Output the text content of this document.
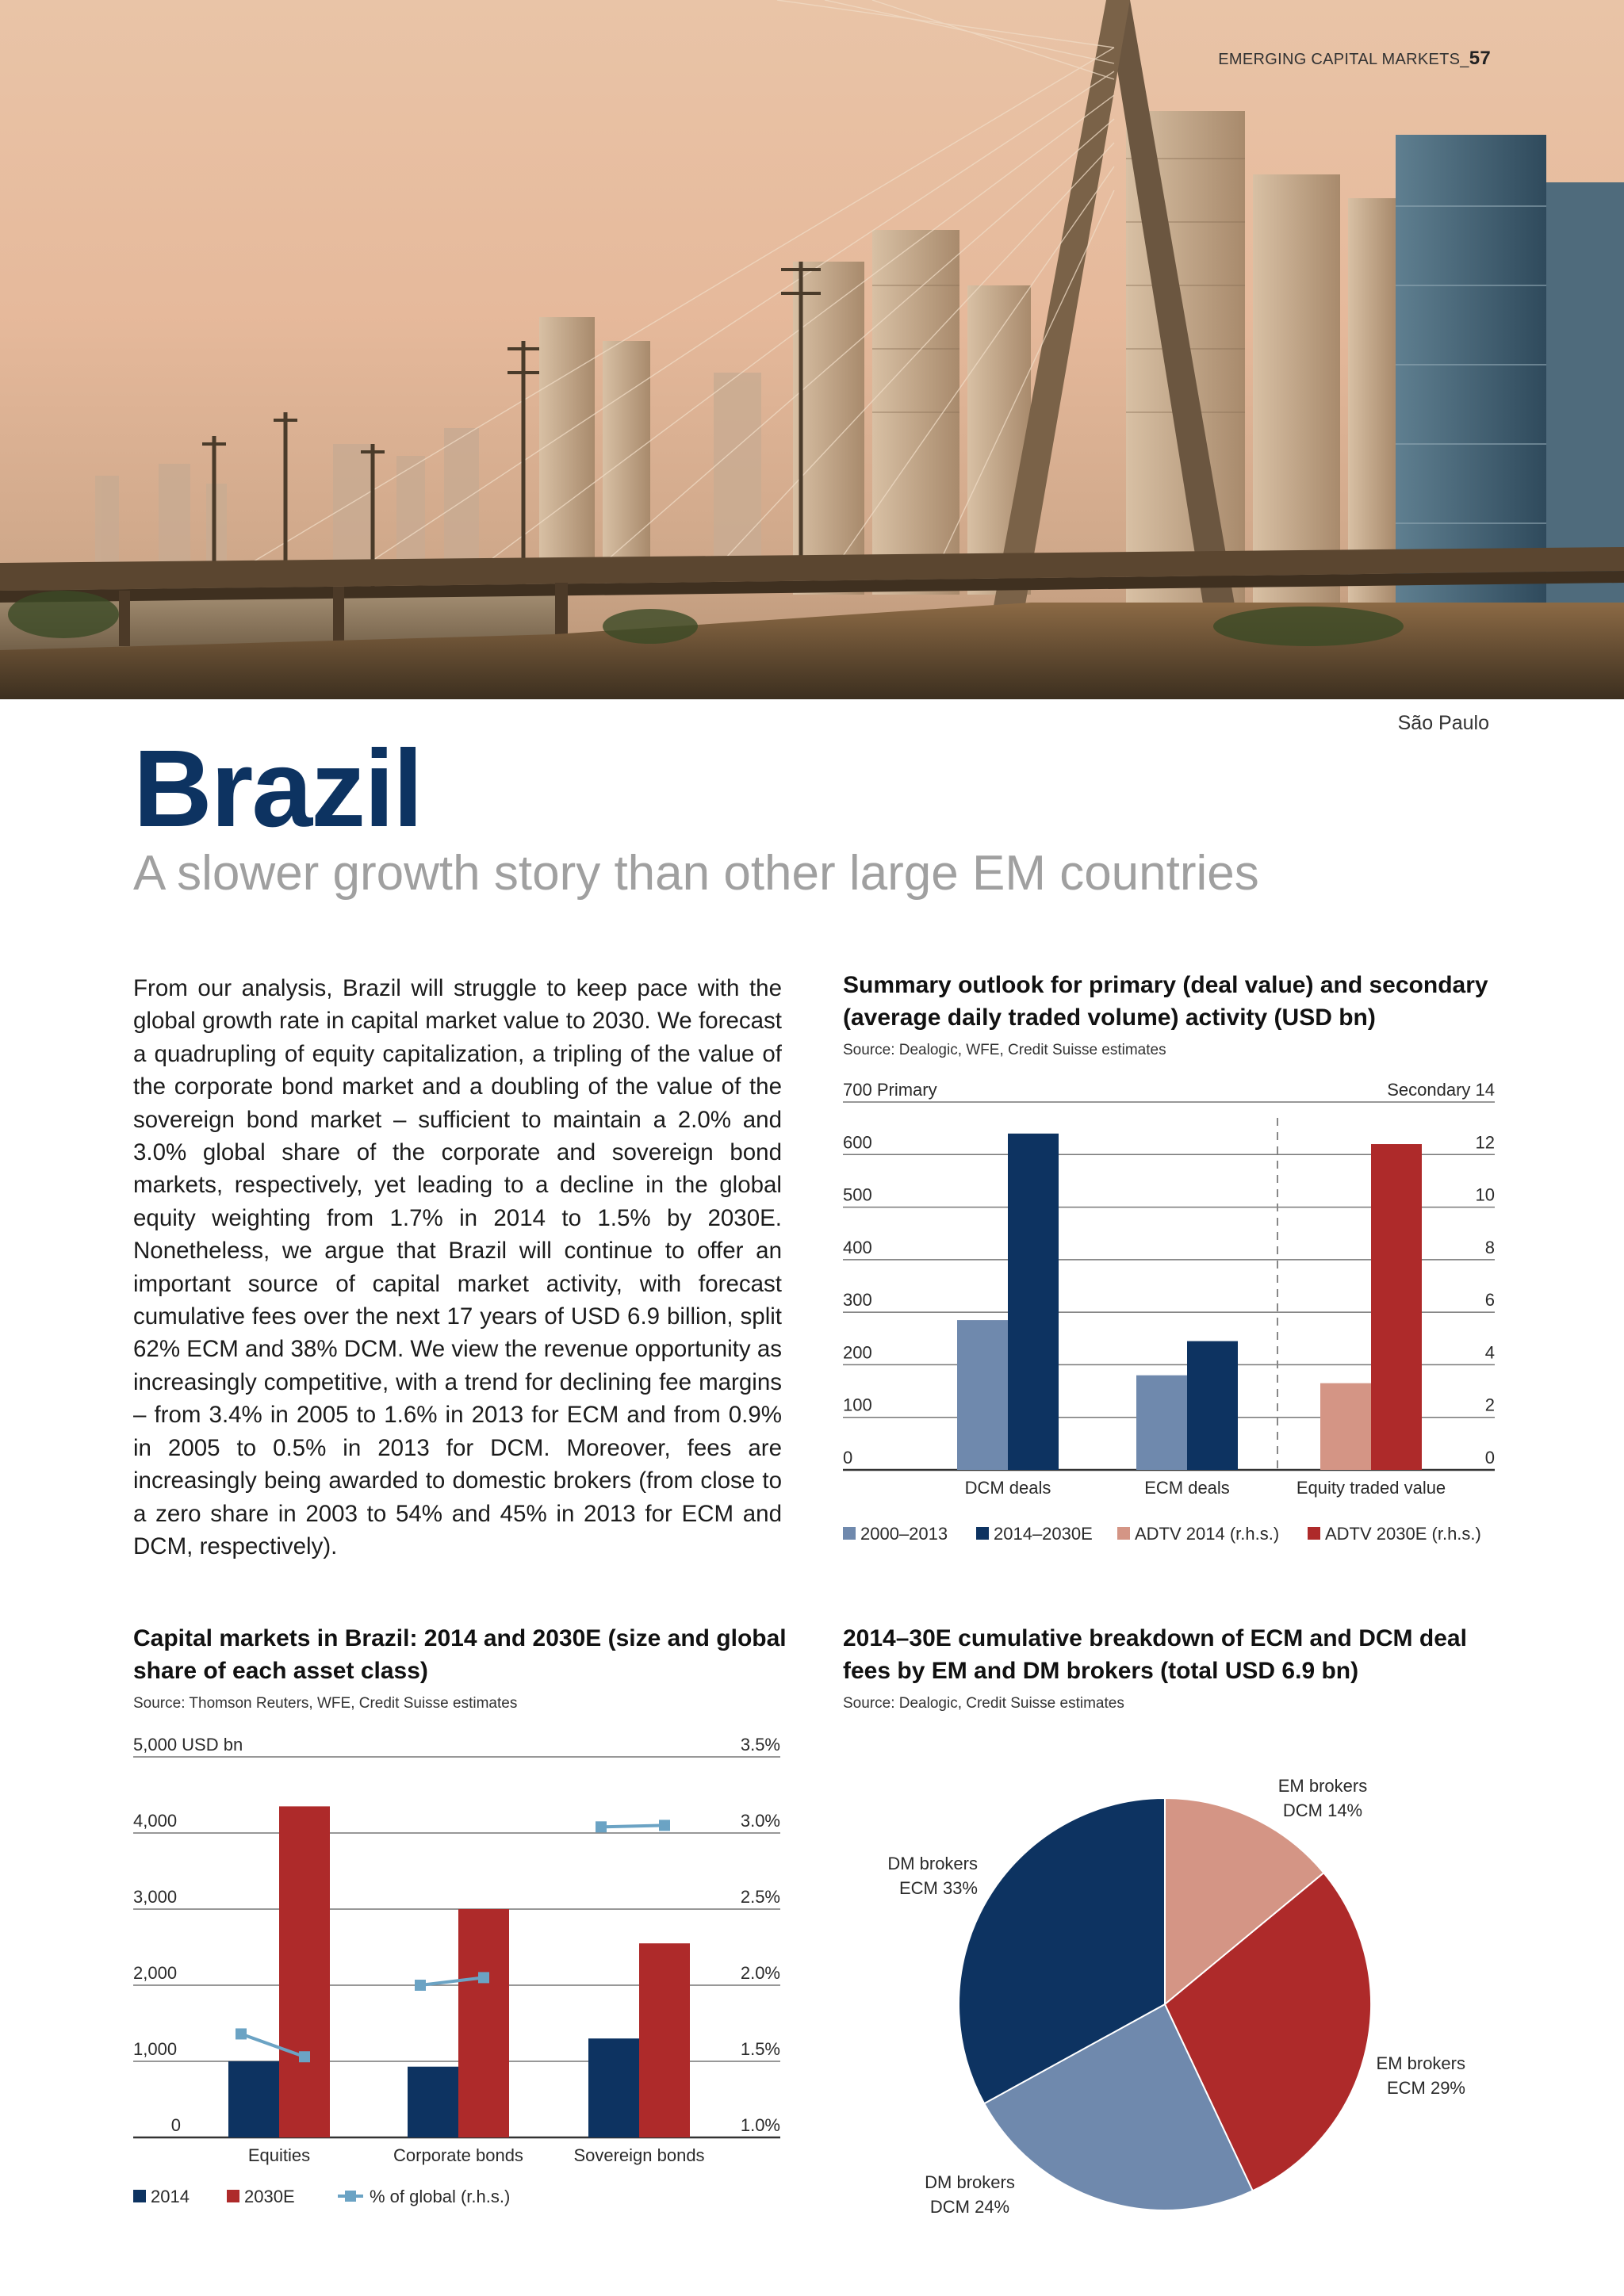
EMERGING CAPITAL MARKETS_57
São Paulo
Brazil
A slower growth story than other large EM countries
From our analysis, Brazil will struggle to keep pace with the global growth rate in capital market value to 2030. We forecast a quadrupling of equity capitalization, a tripling of the value of the corporate bond market and a doubling of the value of the sovereign bond market – sufficient to maintain a 2.0% and 3.0% global share of the corporate and sovereign bond markets, respectively, yet leading to a decline in the global equity weighting from 1.7% in 2014 to 1.5% by 2030E. Nonetheless, we argue that Brazil will continue to offer an important source of capital market activity, with forecast cumulative fees over the next 17 years of USD 6.9 billion, split 62% ECM and 38% DCM. We view the revenue opportunity as increasingly competitive, with a trend for declining fee margins – from 3.4% in 2005 to 1.6% in 2013 for ECM and from 0.9% in 2005 to 0.5% in 2013 for DCM. Moreover, fees are increasingly being awarded to domestic brokers (from close to a zero share in 2003 to 54% and 45% in 2013 for ECM and DCM, respectively).
Summary outlook for primary (deal value) and secondary (average daily traded volume) activity (USD bn)
Source: Dealogic, WFE, Credit Suisse estimates
0
100
200
300
400
500
600
700 Primary
0
2
4
6
8
10
12
Secondary 14
DCM deals	ECM deals	Equity traded value
2000–2013	2014–2030E ADTV 2014 (r.h.s.)	ADTV 2030E (r.h.s.)
Capital markets in Brazil: 2014 and 2030E (size and global share of each asset class)
Source: Thomson Reuters, WFE, Credit Suisse estimates
0	1.0%
1,000	1.5%
2,000	2.0%
3,000	2.5%
4,000	3.0%
5,000 USD bn	3.5%
Equities	Corporate bonds	Sovereign bonds
2014	2030E	% of global (r.h.s.)
2014–30E cumulative breakdown of ECM and DCM deal fees by EM and DM brokers (total USD 6.9 bn)
Source: Dealogic, Credit Suisse estimates
EM brokers
DCM 14%
EM brokers
ECM 29%
DM brokers
DCM 24%
DM brokers
ECM 33%
